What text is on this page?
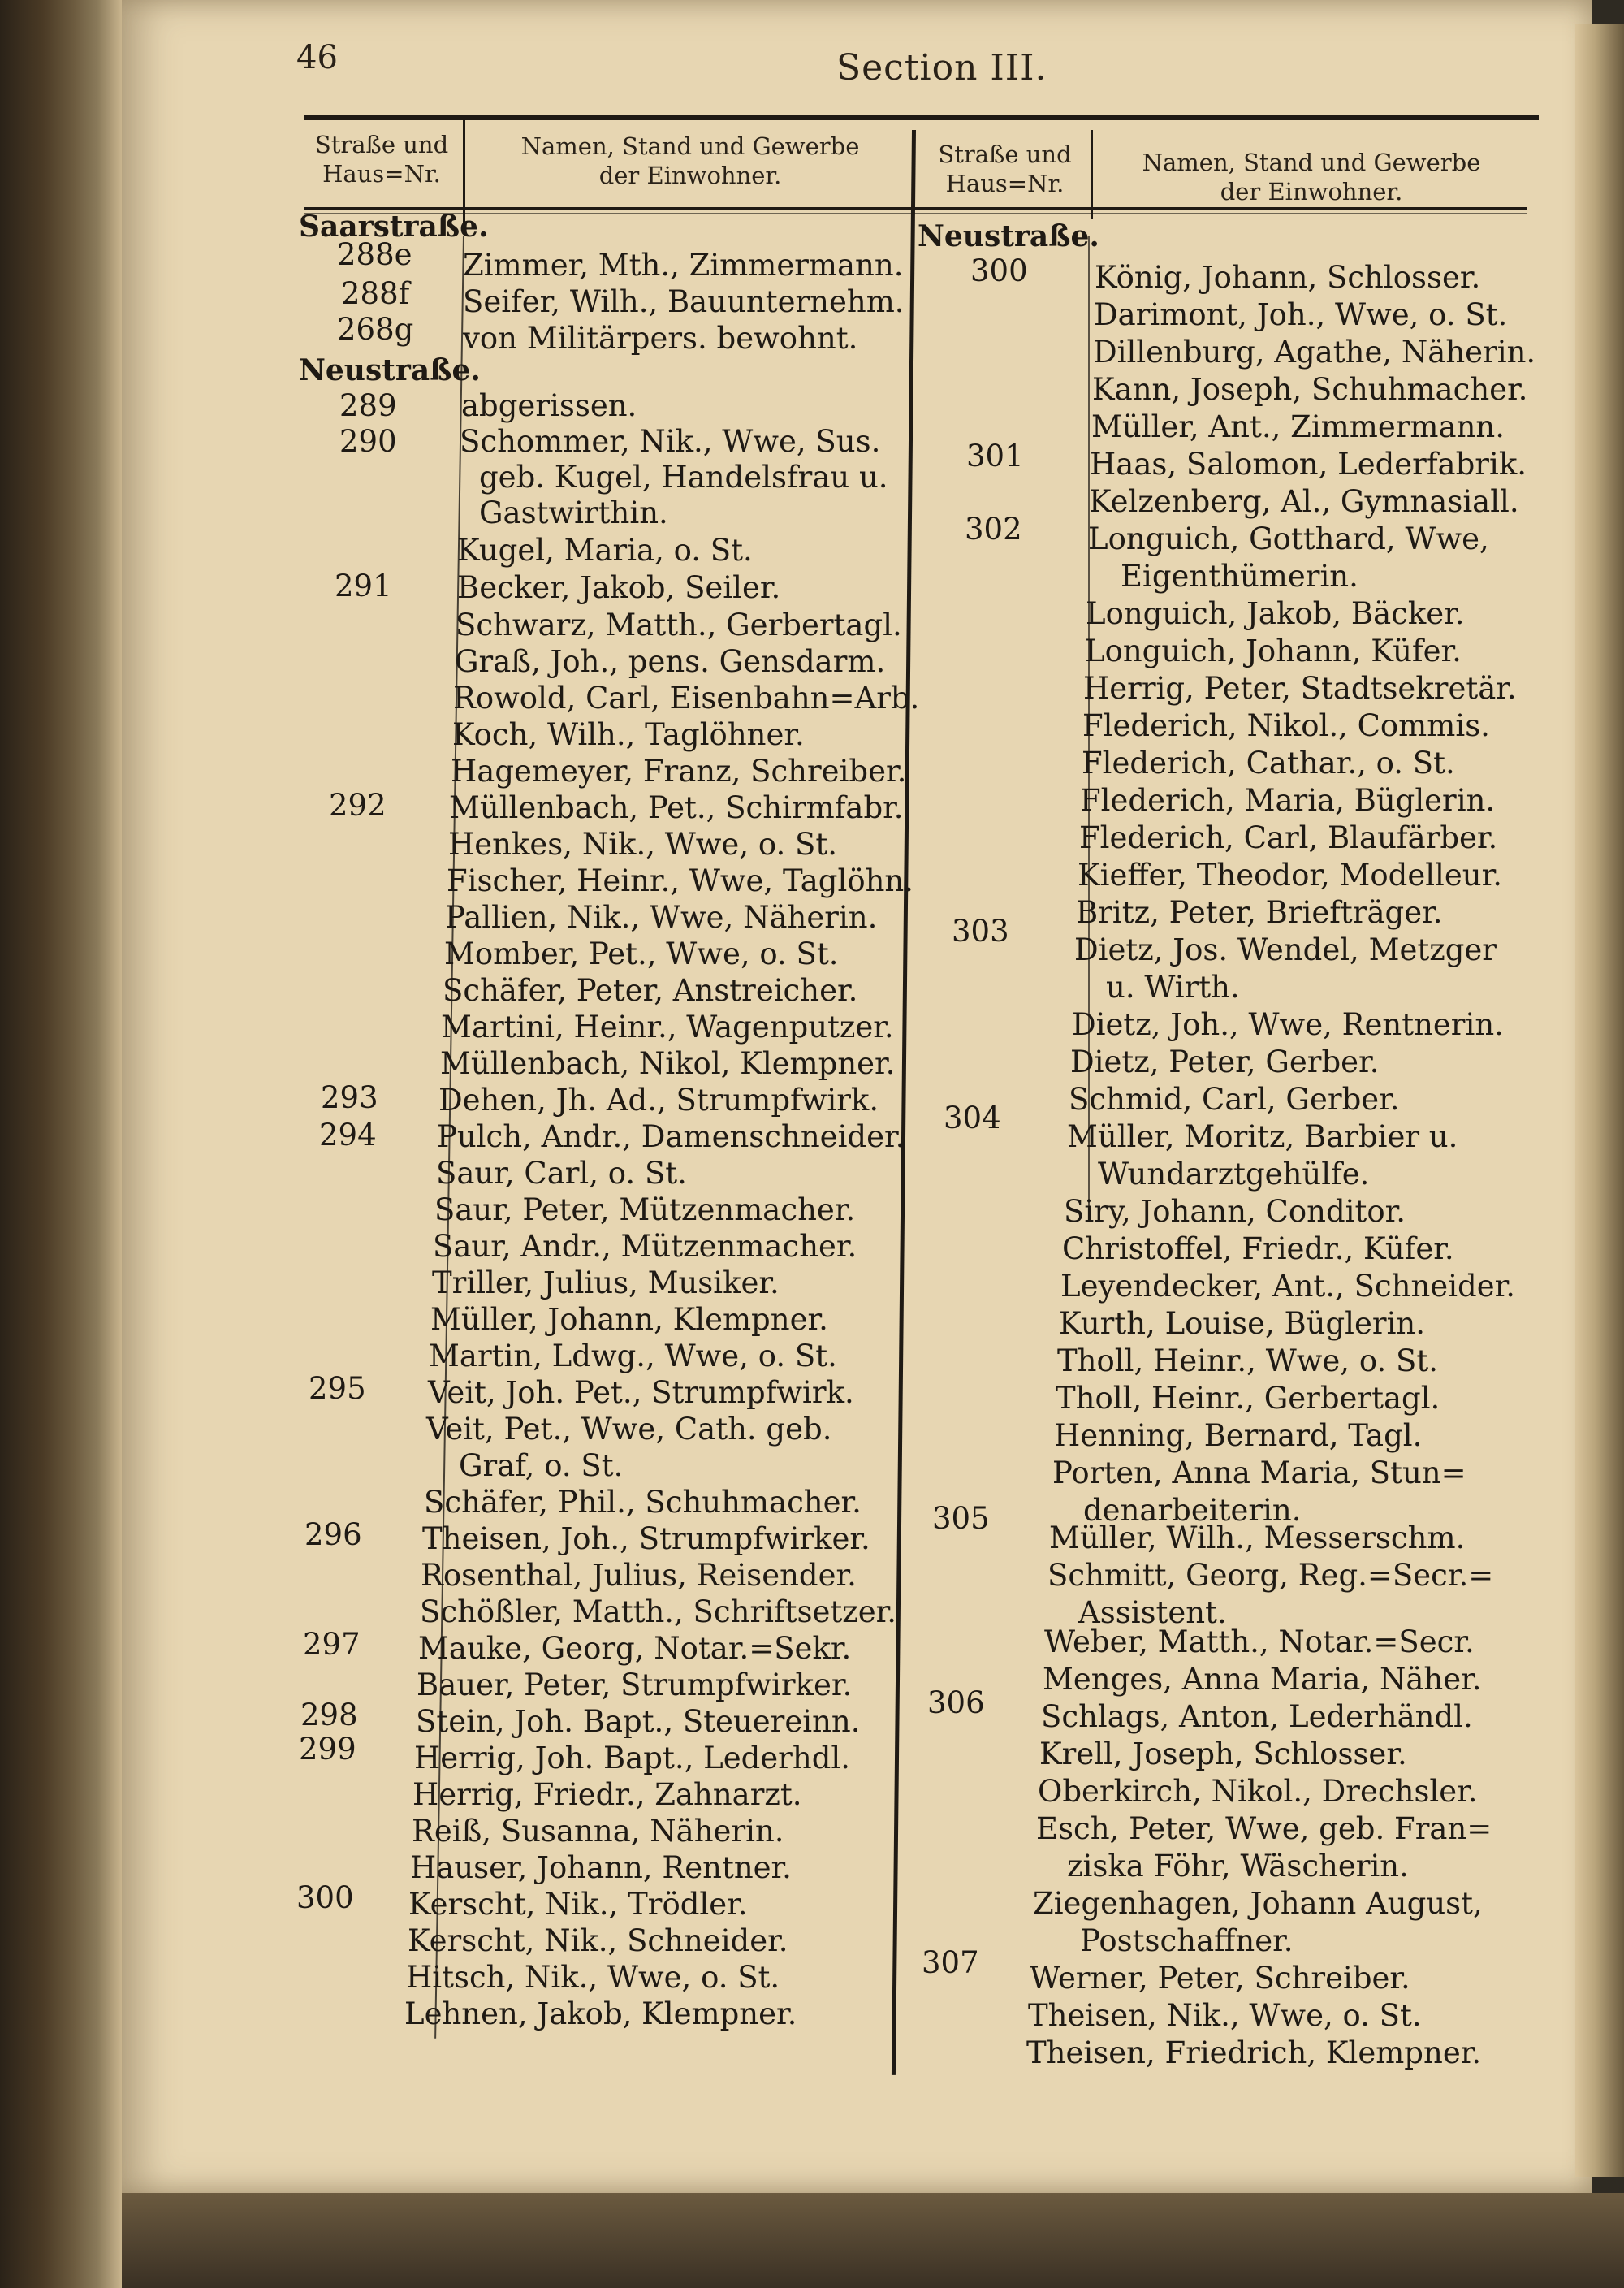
46	Section III.
Straße und
Haus=Nr.
Namen, Stand und Gewerbe
der Einwohner.
Straße und
Haus=Nr.
Namen, Stand und Gewerbe
der Einwohner.
Saarstraße.
Neustraße.
288e
288f
268g
289
290
291
292
293
294
295
296
297
298
299
300
Zimmer, Mth., Zimmermann.
Seifer, Wilh., Bauunternehm.
von Militärpers. bewohnt.
abgerissen.
Schommer, Nik., Wwe, Sus.
geb. Kugel, Handelsfrau u.
Gastwirthin.
Kugel, Maria, o. St.
Becker, Jakob, Seiler.
Schwarz, Matth., Gerbertagl.
Graß, Joh., pens. Gensdarm.
Rowold, Carl, Eisenbahn=Arb.
Koch, Wilh., Taglöhner.
Hagemeyer, Franz, Schreiber.
Müllenbach, Pet., Schirmfabr.
Henkes, Nik., Wwe, o. St.
Fischer, Heinr., Wwe, Taglöhn.
Pallien, Nik., Wwe, Näherin.
Momber, Pet., Wwe, o. St.
Schäfer, Peter, Anstreicher.
Martini, Heinr., Wagenputzer.
Müllenbach, Nikol, Klempner.
Dehen, Jh. Ad., Strumpfwirk.
Pulch, Andr., Damenschneider.
Saur, Carl, o. St.
Saur, Peter, Mützenmacher.
Saur, Andr., Mützenmacher.
Triller, Julius, Musiker.
Müller, Johann, Klempner.
Martin, Ldwg., Wwe, o. St.
Veit, Joh. Pet., Strumpfwirk.
Veit, Pet., Wwe, Cath. geb.
Graf, o. St.
Schäfer, Phil., Schuhmacher.
Theisen, Joh., Strumpfwirker.
Rosenthal, Julius, Reisender.
Schößler, Matth., Schriftsetzer.
Mauke, Georg, Notar.=Sekr.
Bauer, Peter, Strumpfwirker.
Stein, Joh. Bapt., Steuereinn.
Herrig, Joh. Bapt., Lederhdl.
Herrig, Friedr., Zahnarzt.
Reiß, Susanna, Näherin.
Hauser, Johann, Rentner.
Kerscht, Nik., Trödler.
Kerscht, Nik., Schneider.
Hitsch, Nik., Wwe, o. St.
Lehnen, Jakob, Klempner.
Neustraße.
300
301
302
303
304
305
306
307
König, Johann, Schlosser.
Darimont, Joh., Wwe, o. St.
Dillenburg, Agathe, Näherin.
Kann, Joseph, Schuhmacher.
Müller, Ant., Zimmermann.
Haas, Salomon, Lederfabrik.
Kelzenberg, Al., Gymnasiall.
Longuich, Gotthard, Wwe,
Eigenthümerin.
Longuich, Jakob, Bäcker.
Longuich, Johann, Küfer.
Herrig, Peter, Stadtsekretär.
Flederich, Nikol., Commis.
Flederich, Cathar., o. St.
Flederich, Maria, Büglerin.
Flederich, Carl, Blaufärber.
Kieffer, Theodor, Modelleur.
Britz, Peter, Briefträger.
Dietz, Jos. Wendel, Metzger
u. Wirth.
Dietz, Joh., Wwe, Rentnerin.
Dietz, Peter, Gerber.
Schmid, Carl, Gerber.
Müller, Moritz, Barbier u.
Wundarztgehülfe.
Siry, Johann, Conditor.
Christoffel, Friedr., Küfer.
Leyendecker, Ant., Schneider.
Kurth, Louise, Büglerin.
Tholl, Heinr., Wwe, o. St.
Tholl, Heinr., Gerbertagl.
Henning, Bernard, Tagl.
Porten, Anna Maria, Stun=
denarbeiterin.
Müller, Wilh., Messerschm.
Schmitt, Georg, Reg.=Secr.=
Assistent.
Weber, Matth., Notar.=Secr.
Menges, Anna Maria, Näher.
Schlags, Anton, Lederhändl.
Krell, Joseph, Schlosser.
Oberkirch, Nikol., Drechsler.
Esch, Peter, Wwe, geb. Fran=
ziska Föhr, Wäscherin.
Ziegenhagen, Johann August,
Postschaffner.
Werner, Peter, Schreiber.
Theisen, Nik., Wwe, o. St.
Theisen, Friedrich, Klempner.
